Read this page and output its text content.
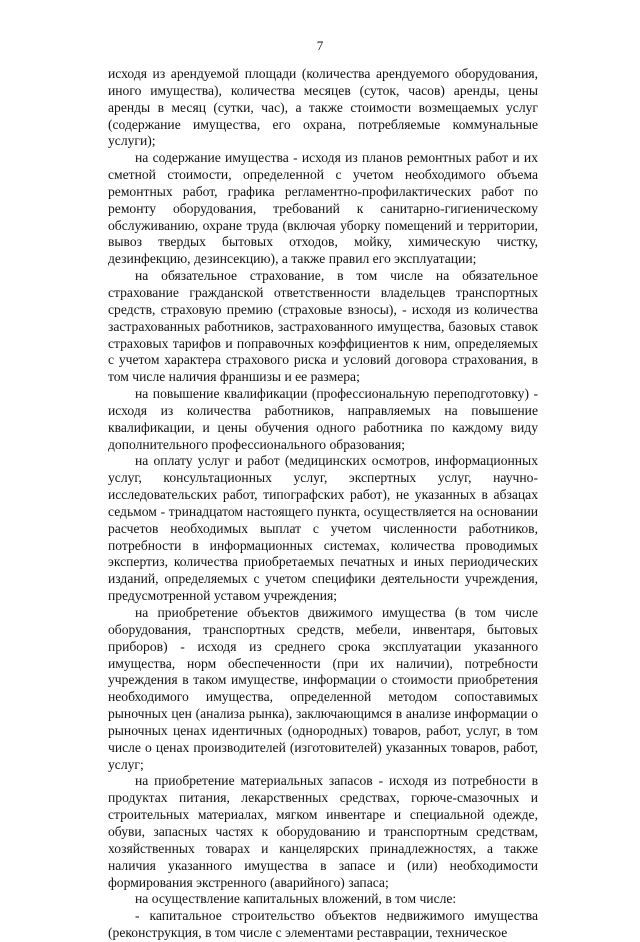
7

исходя из арендуемой площади (количества арендуемого оборудования, иного имущества), количества месяцев (суток, часов) аренды, цены аренды в месяц (сутки, час), а также стоимости возмещаемых услуг (содержание имущества, его охрана, потребляемые коммунальные услуги);

на содержание имущества - исходя из планов ремонтных работ и их сметной стоимости, определенной с учетом необходимого объема ремонтных работ, графика регламентно-профилактических работ по ремонту оборудования, требований к санитарно-гигиеническому обслуживанию, охране труда (включая уборку помещений и территории, вывоз твердых бытовых отходов, мойку, химическую чистку, дезинфекцию, дезинсекцию), а также правил его эксплуатации;

на обязательное страхование, в том числе на обязательное страхование гражданской ответственности владельцев транспортных средств, страховую премию (страховые взносы), - исходя из количества застрахованных работников, застрахованного имущества, базовых ставок страховых тарифов и поправочных коэффициентов к ним, определяемых с учетом характера страхового риска и условий договора страхования, в том числе наличия франшизы и ее размера;

на повышение квалификации (профессиональную переподготовку) - исходя из количества работников, направляемых на повышение квалификации, и цены обучения одного работника по каждому виду дополнительного профессионального образования;

на оплату услуг и работ (медицинских осмотров, информационных услуг, консультационных услуг, экспертных услуг, научно-исследовательских работ, типографских работ), не указанных в абзацах седьмом - тринадцатом настоящего пункта, осуществляется на основании расчетов необходимых выплат с учетом численности работников, потребности в информационных системах, количества проводимых экспертиз, количества приобретаемых печатных и иных периодических изданий, определяемых с учетом специфики деятельности учреждения, предусмотренной уставом учреждения;

на приобретение объектов движимого имущества (в том числе оборудования, транспортных средств, мебели, инвентаря, бытовых приборов) - исходя из среднего срока эксплуатации указанного имущества, норм обеспеченности (при их наличии), потребности учреждения в таком имуществе, информации о стоимости приобретения необходимого имущества, определенной методом сопоставимых рыночных цен (анализа рынка), заключающимся в анализе информации о рыночных ценах идентичных (однородных) товаров, работ, услуг, в том числе о ценах производителей (изготовителей) указанных товаров, работ, услуг;

на приобретение материальных запасов - исходя из потребности в продуктах питания, лекарственных средствах, горюче-смазочных и строительных материалах, мягком инвентаре и специальной одежде, обуви, запасных частях к оборудованию и транспортным средствам, хозяйственных товарах и канцелярских принадлежностях, а также наличия указанного имущества в запасе и (или) необходимости формирования экстренного (аварийного) запаса;

на осуществление капитальных вложений, в том числе:

- капитальное строительство объектов недвижимого имущества (реконструкция, в том числе с элементами реставрации, техническое
